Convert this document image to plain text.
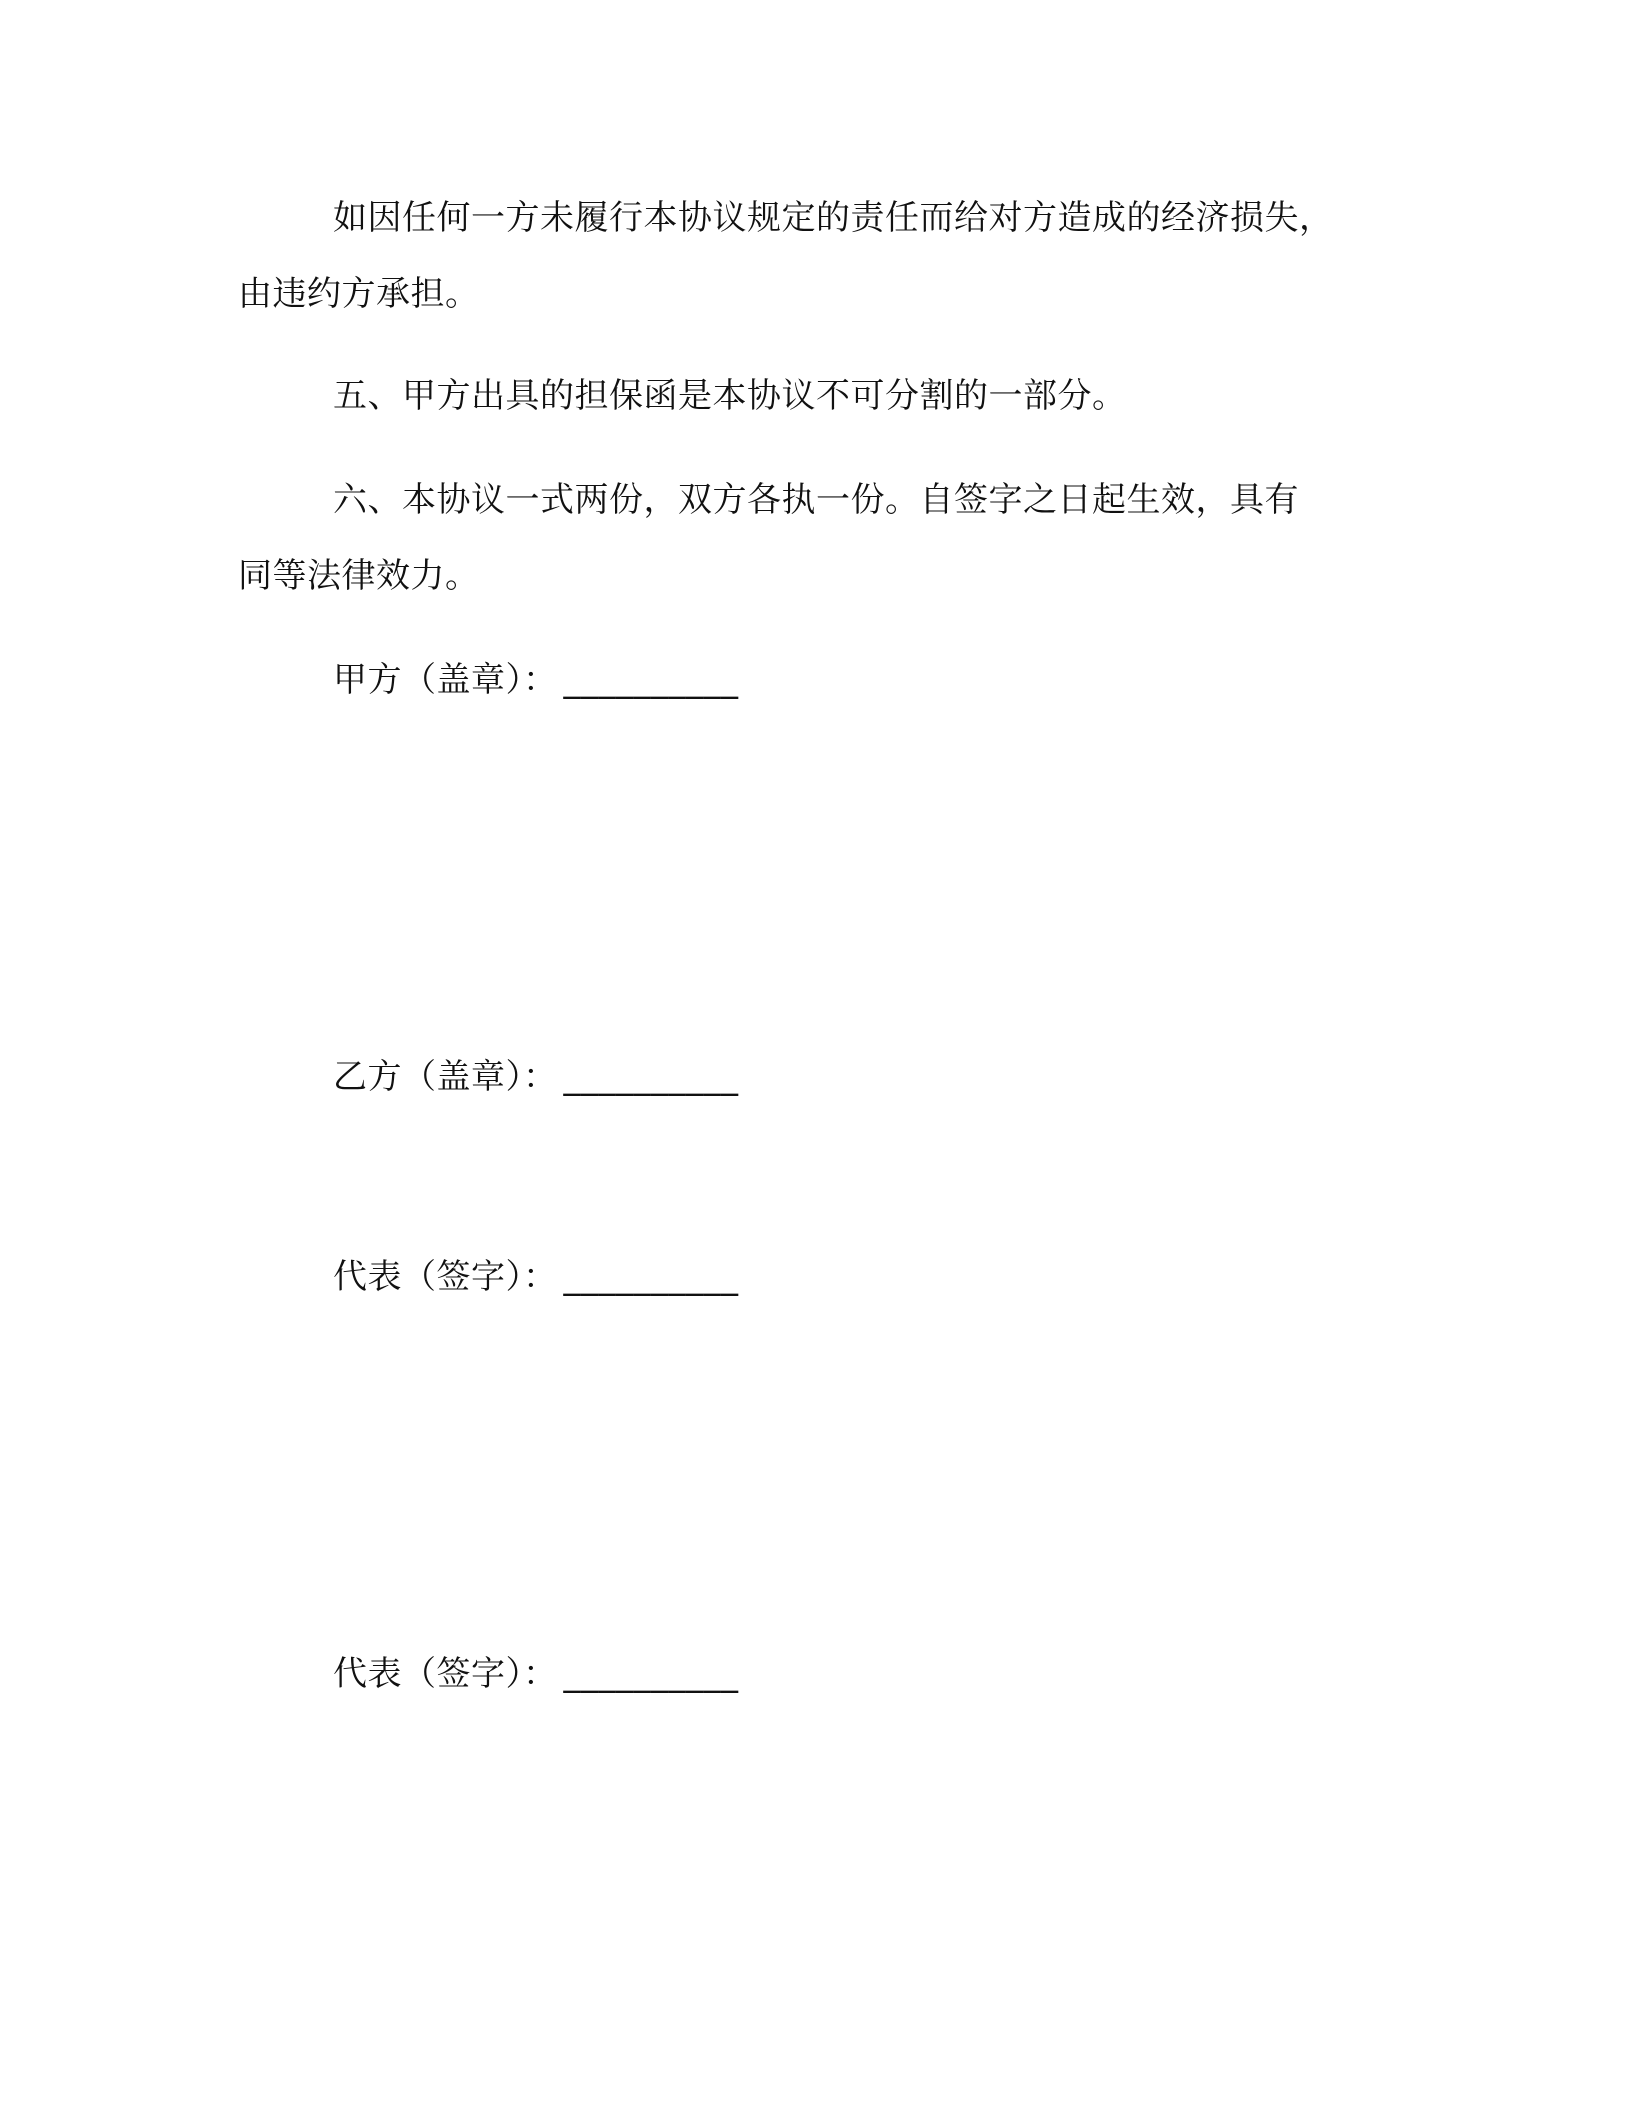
如因任何一方未履行本协议规定的责任而给对方造成的经济损失，
由违约方承担。

五、甲方出具的担保函是本协议不可分割的一部分。

六、本协议一式两份，双方各执一份。自签字之日起生效，具有
同等法律效力。

甲方（盖章）： __________

乙方（盖章）： __________

代表（签字）： __________

代表（签字）： __________
